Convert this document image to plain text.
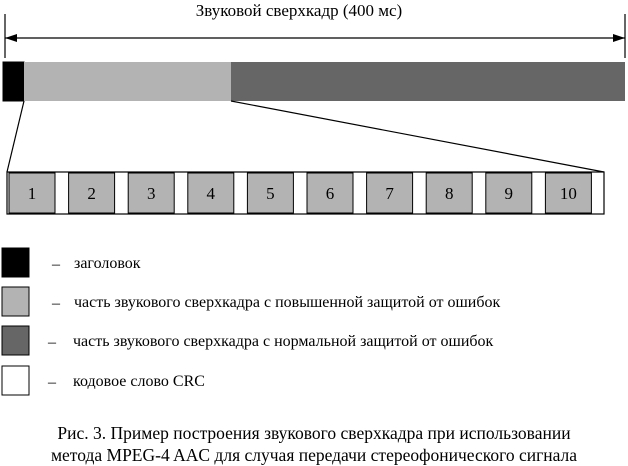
Звуковой сверхкадр (400 мс)
1	2	3	4	5	6	7	8	9	10
– заголовок
– часть звукового сверхкадра с повышенной защитой от ошибок
– часть звукового сверхкадра с нормальной защитой от ошибок
– кодовое слово CRC
Рис. 3. Пример построения звукового сверхкадра при использовании
метода MPEG-4 AAC для случая передачи стереофонического сигнала
